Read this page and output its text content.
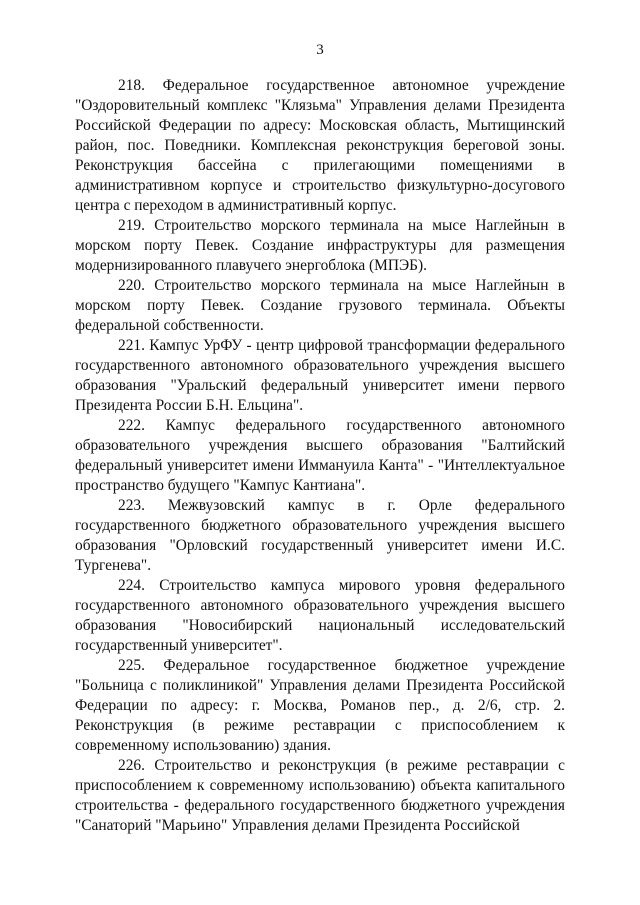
3

218. Федеральное государственное автономное учреждение "Оздоровительный комплекс "Клязьма" Управления делами Президента Российской Федерации по адресу: Московская область, Мытищинский район, пос. Поведники. Комплексная реконструкция береговой зоны. Реконструкция бассейна с прилегающими помещениями в административном корпусе и строительство физкультурно-досугового центра с переходом в административный корпус.

219. Строительство морского терминала на мысе Наглейнын в морском порту Певек. Создание инфраструктуры для размещения модернизированного плавучего энергоблока (МПЭБ).

220. Строительство морского терминала на мысе Наглейнын в морском порту Певек. Создание грузового терминала. Объекты федеральной собственности.

221. Кампус УрФУ - центр цифровой трансформации федерального государственного автономного образовательного учреждения высшего образования "Уральский федеральный университет имени первого Президента России Б.Н. Ельцина".

222. Кампус федерального государственного автономного образовательного учреждения высшего образования "Балтийский федеральный университет имени Иммануила Канта" - "Интеллектуальное пространство будущего "Кампус Кантиана".

223. Межвузовский кампус в г. Орле федерального государственного бюджетного образовательного учреждения высшего образования "Орловский государственный университет имени И.С. Тургенева".

224. Строительство кампуса мирового уровня федерального государственного автономного образовательного учреждения высшего образования "Новосибирский национальный исследовательский государственный университет".

225. Федеральное государственное бюджетное учреждение "Больница с поликлиникой" Управления делами Президента Российской Федерации по адресу: г. Москва, Романов пер., д. 2/6, стр. 2. Реконструкция (в режиме реставрации с приспособлением к современному использованию) здания.

226. Строительство и реконструкция (в режиме реставрации с приспособлением к современному использованию) объекта капитального строительства - федерального государственного бюджетного учреждения "Санаторий "Марьино" Управления делами Президента Российской
